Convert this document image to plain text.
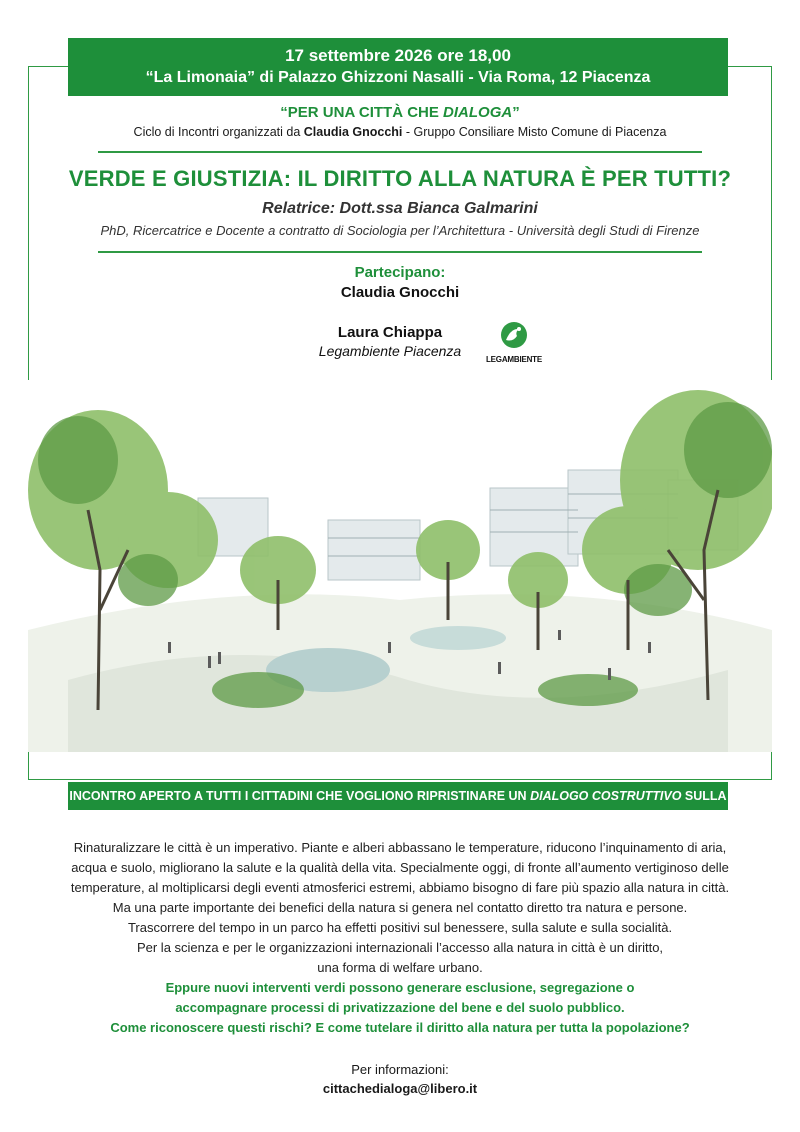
17 settembre 2026 ore 18,00
“La Limonaia” di Palazzo Ghizzoni Nasalli - Via Roma, 12 Piacenza
“PER UNA CITTÀ CHE DIALOGA”
Ciclo di Incontri organizzati da Claudia Gnocchi - Gruppo Consiliare Misto Comune di Piacenza
VERDE E GIUSTIZIA: IL DIRITTO ALLA NATURA È PER TUTTI?
Relatrice: Dott.ssa Bianca Galmarini
PhD, Ricercatrice e Docente a contratto di Sociologia per l’Architettura - Università degli Studi di Firenze
Partecipano:
Claudia Gnocchi
Laura Chiappa
Legambiente Piacenza
LEGAMBIENTE
INCONTRO APERTO A TUTTI I CITTADINI CHE VOGLIONO RIPRISTINARE UN DIALOGO COSTRUTTIVO SULLA CITTÀ
Rinaturalizzare le città è un imperativo. Piante e alberi abbassano le temperature, riducono l’inquinamento di aria,
acqua e suolo, migliorano la salute e la qualità della vita. Specialmente oggi, di fronte all’aumento vertiginoso delle
temperature, al moltiplicarsi degli eventi atmosferici estremi, abbiamo bisogno di fare più spazio alla natura in città.
Ma una parte importante dei benefici della natura si genera nel contatto diretto tra natura e persone.
Trascorrere del tempo in un parco ha effetti positivi sul benessere, sulla salute e sulla socialità.
Per la scienza e per le organizzazioni internazionali l’accesso alla natura in città è un diritto,
una forma di welfare urbano.
Eppure nuovi interventi verdi possono generare esclusione, segregazione o
accompagnare processi di privatizzazione del bene e del suolo pubblico.
Come riconoscere questi rischi? E come tutelare il diritto alla natura per tutta la popolazione?
Per informazioni:
cittachedialoga@libero.it
